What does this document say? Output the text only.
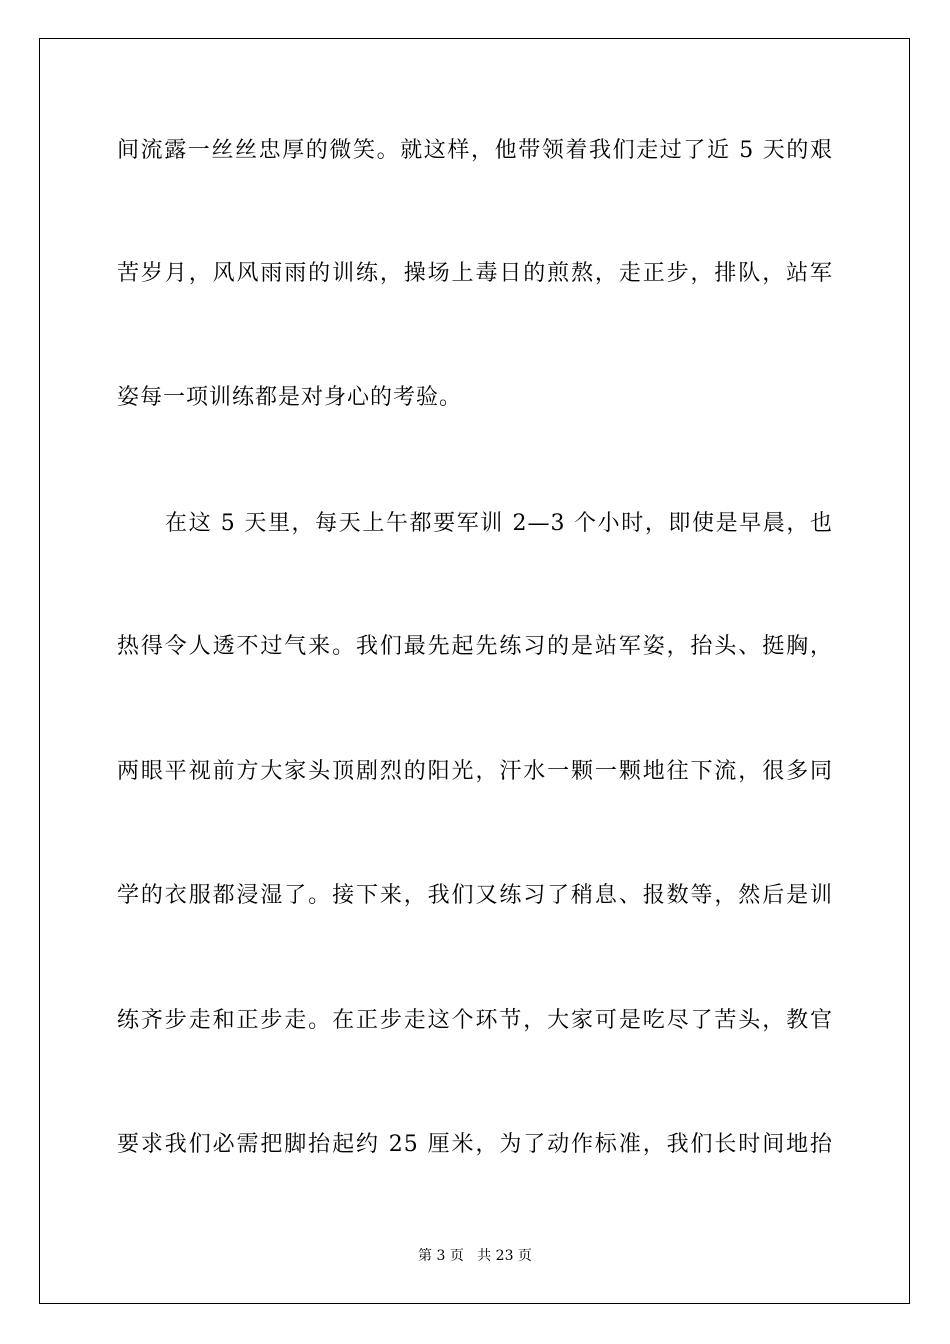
间流露一丝丝忠厚的微笑。就这样，他带领着我们走过了近 5 天的艰
苦岁月，风风雨雨的训练，操场上毒日的煎熬，走正步，排队，站军
姿每一项训练都是对身心的考验。
在这 5 天里，每天上午都要军训 2—3 个小时，即使是早晨，也
热得令人透不过气来。我们最先起先练习的是站军姿，抬头、挺胸，
两眼平视前方大家头顶剧烈的阳光，汗水一颗一颗地往下流，很多同
学的衣服都浸湿了。接下来，我们又练习了稍息、报数等，然后是训
练齐步走和正步走。在正步走这个环节，大家可是吃尽了苦头，教官
要求我们必需把脚抬起约 25 厘米，为了动作标准，我们长时间地抬
第 3 页 共 23 页
